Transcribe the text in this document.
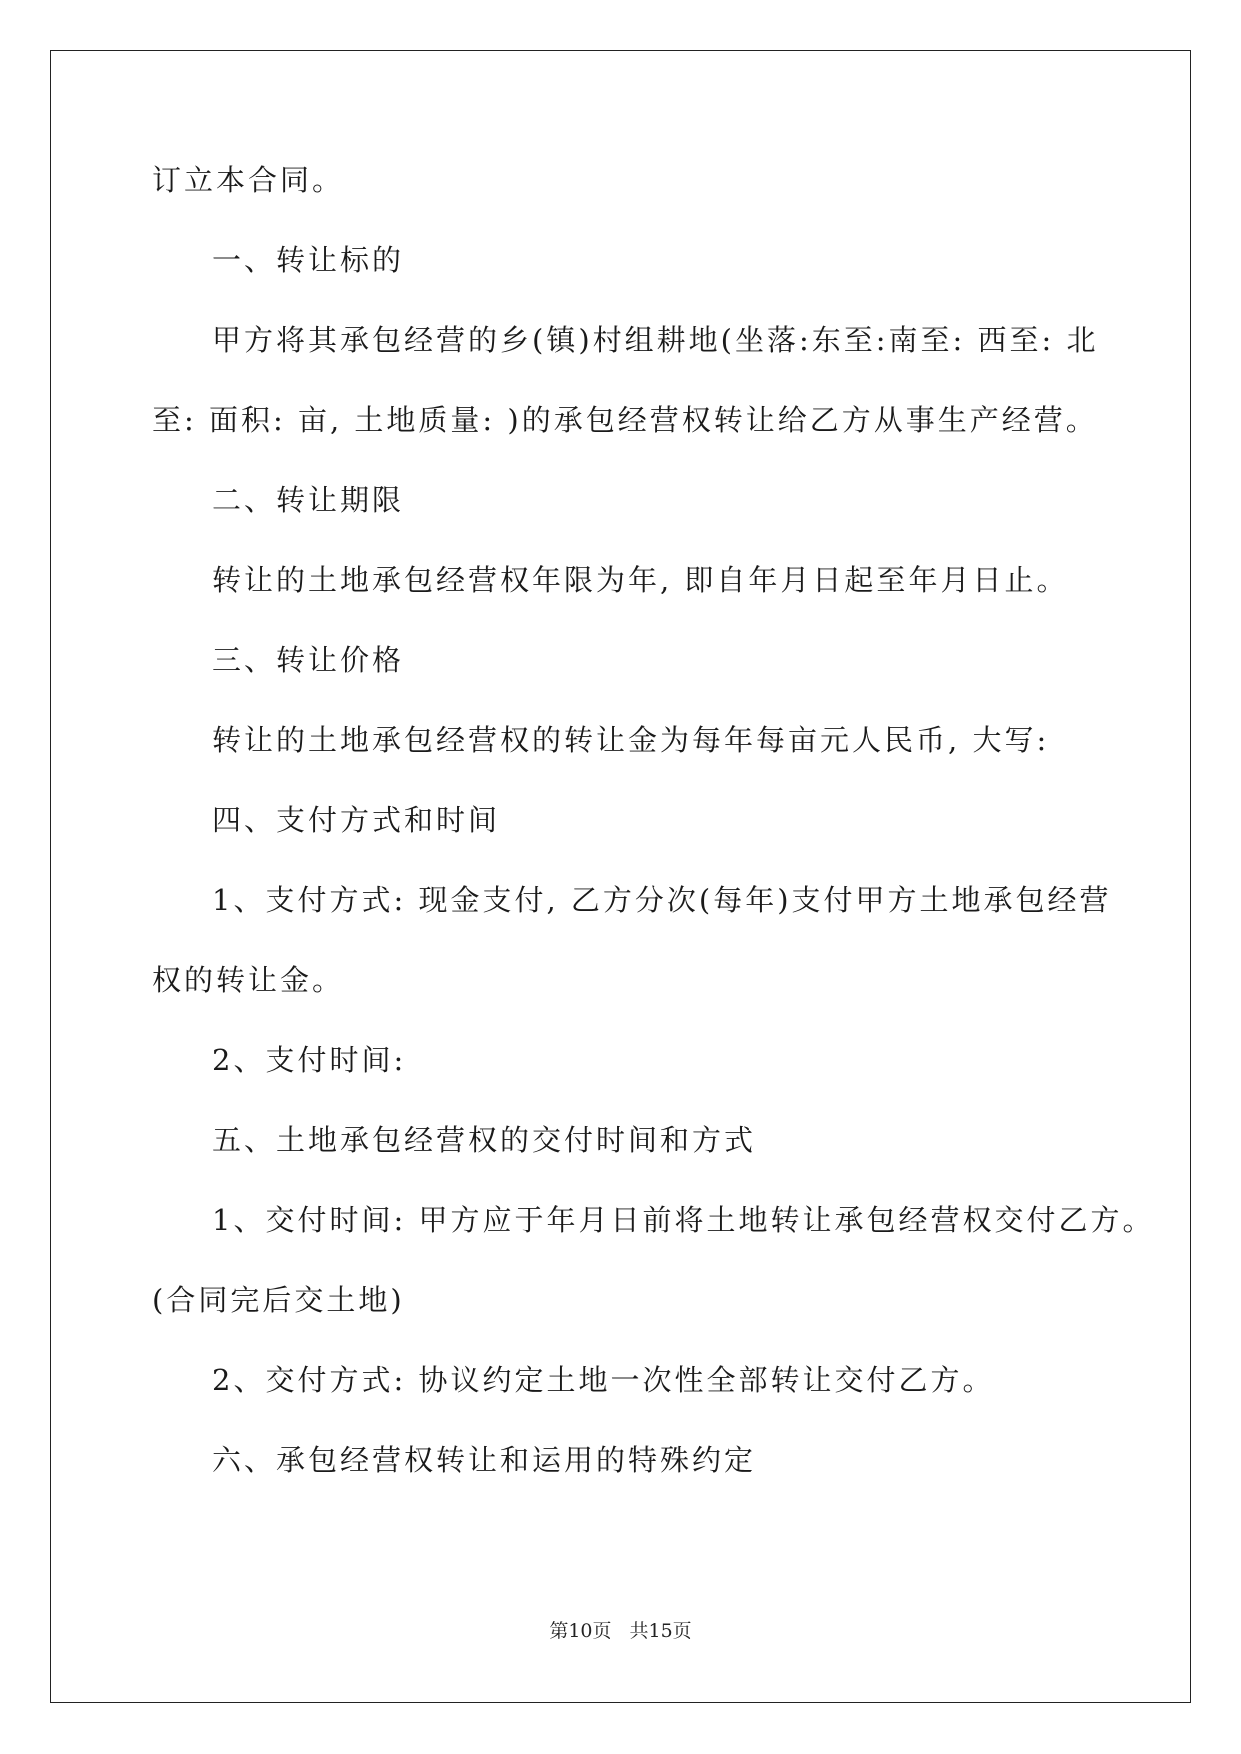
订立本合同。
一、转让标的
甲方将其承包经营的乡(镇)村组耕地(坐落:东至:南至: 西至: 北
至: 面积: 亩, 土地质量: )的承包经营权转让给乙方从事生产经营。
二、转让期限
转让的土地承包经营权年限为年, 即自年月日起至年月日止。
三、转让价格
转让的土地承包经营权的转让金为每年每亩元人民币, 大写:
四、支付方式和时间
1、支付方式: 现金支付, 乙方分次(每年)支付甲方土地承包经营
权的转让金。
2、支付时间:
五、土地承包经营权的交付时间和方式
1、交付时间: 甲方应于年月日前将土地转让承包经营权交付乙方。
(合同完后交土地)
2、交付方式: 协议约定土地一次性全部转让交付乙方。
六、承包经营权转让和运用的特殊约定
第10页 共15页
